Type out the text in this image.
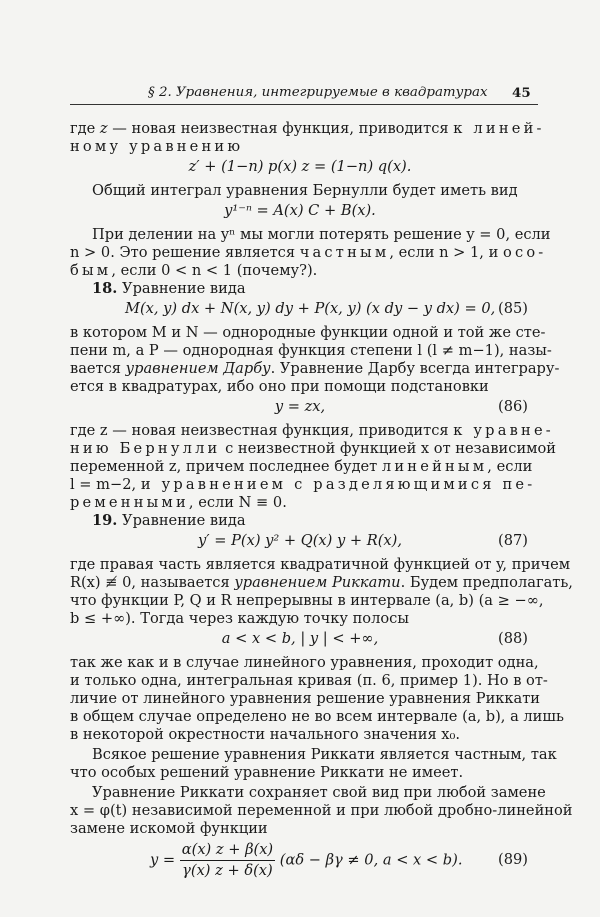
§ 2. Уравнения, интегрируемые в квадратурах 45
где z — новая неизвестная функция, приводится к линей-
ному уравнению
z′ + (1−n) p(x) z = (1−n) q(x).
Общий интеграл уравнения Бернулли будет иметь вид
y¹⁻ⁿ = A(x) C + B(x).
При делении на yⁿ мы могли потерять решение y = 0, если
n > 0. Это решение является частным, если n > 1, и осо-
бым, если 0 < n < 1 (почему?).
18. Уравнение вида
M(x, y) dx + N(x, y) dy + P(x, y) (x dy − y dx) = 0, (85)
в котором M и N — однородные функции одной и той же сте-
пени m, а P — однородная функция степени l (l ≠ m−1), назы-
вается уравнением Дарбу. Уравнение Дарбу всегда интеграру-
ется в квадратурах, ибо оно при помощи подстановки
y = zx,	(86)
где z — новая неизвестная функция, приводится к уравне-
нию Бернулли с неизвестной функцией x от независимой
переменной z, причем последнее будет линейным, если
l = m−2, и уравнением с разделяющимися пе-
ременными, если N ≡ 0.
19. Уравнение вида
y′ = P(x) y² + Q(x) y + R(x),	(87)
где правая часть является квадратичной функцией от y, причем
R(x) ≢ 0, называется уравнением Риккати. Будем предполагать,
что функции P, Q и R непрерывны в интервале (a, b) (a ≥ −∞,
b ≤ +∞). Тогда через каждую точку полосы
a < x < b, | y | < +∞,	(88)
так же как и в случае линейного уравнения, проходит одна,
и только одна, интегральная кривая (п. 6, пример 1). Но в от-
личие от линейного уравнения решение уравнения Риккати
в общем случае определено не во всем интервале (a, b), а лишь
в некоторой окрестности начального значения x₀.
Всякое решение уравнения Риккати является частным, так
что особых решений уравнение Риккати не имеет.
Уравнение Риккати сохраняет свой вид при любой замене
x = φ(t) независимой переменной и при любой дробно-линейной
замене искомой функции
$y = \frac{\alpha(x) z + \beta(x)}{\gamma(x) z + \delta(x)} (\alpha\delta - \beta\gamma \ne 0$, a < x < b). (89)
